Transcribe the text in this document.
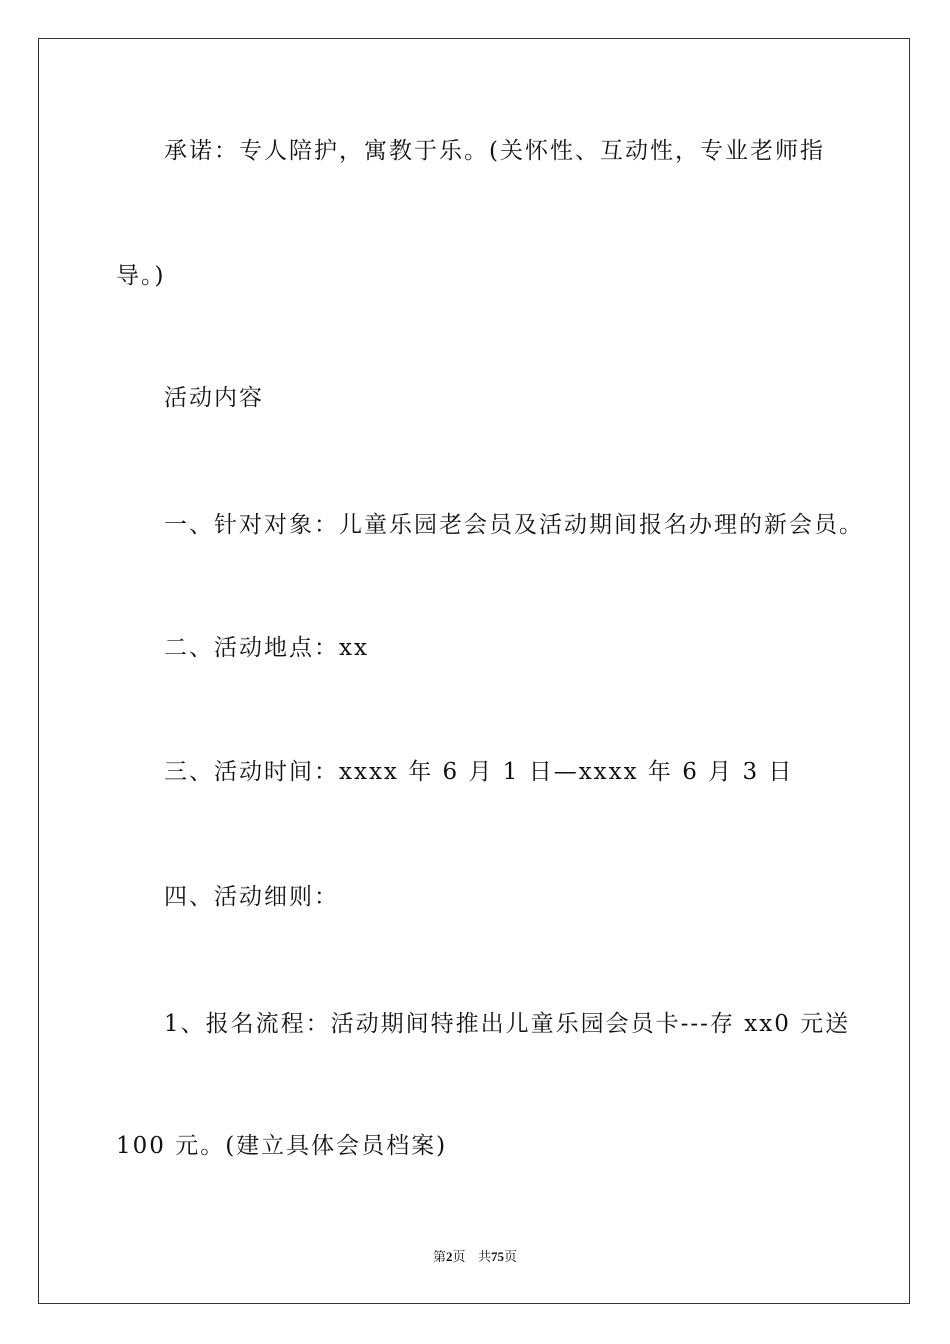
承诺：专人陪护，寓教于乐。(关怀性、互动性，专业老师指
导。)
活动内容
一、针对对象：儿童乐园老会员及活动期间报名办理的新会员。
二、活动地点：xx
三、活动时间：xxxx 年 6 月 1 日—xxxx 年 6 月 3 日
四、活动细则：
1、报名流程：活动期间特推出儿童乐园会员卡---存 xx0 元送
100 元。(建立具体会员档案)
第2页   共75页
